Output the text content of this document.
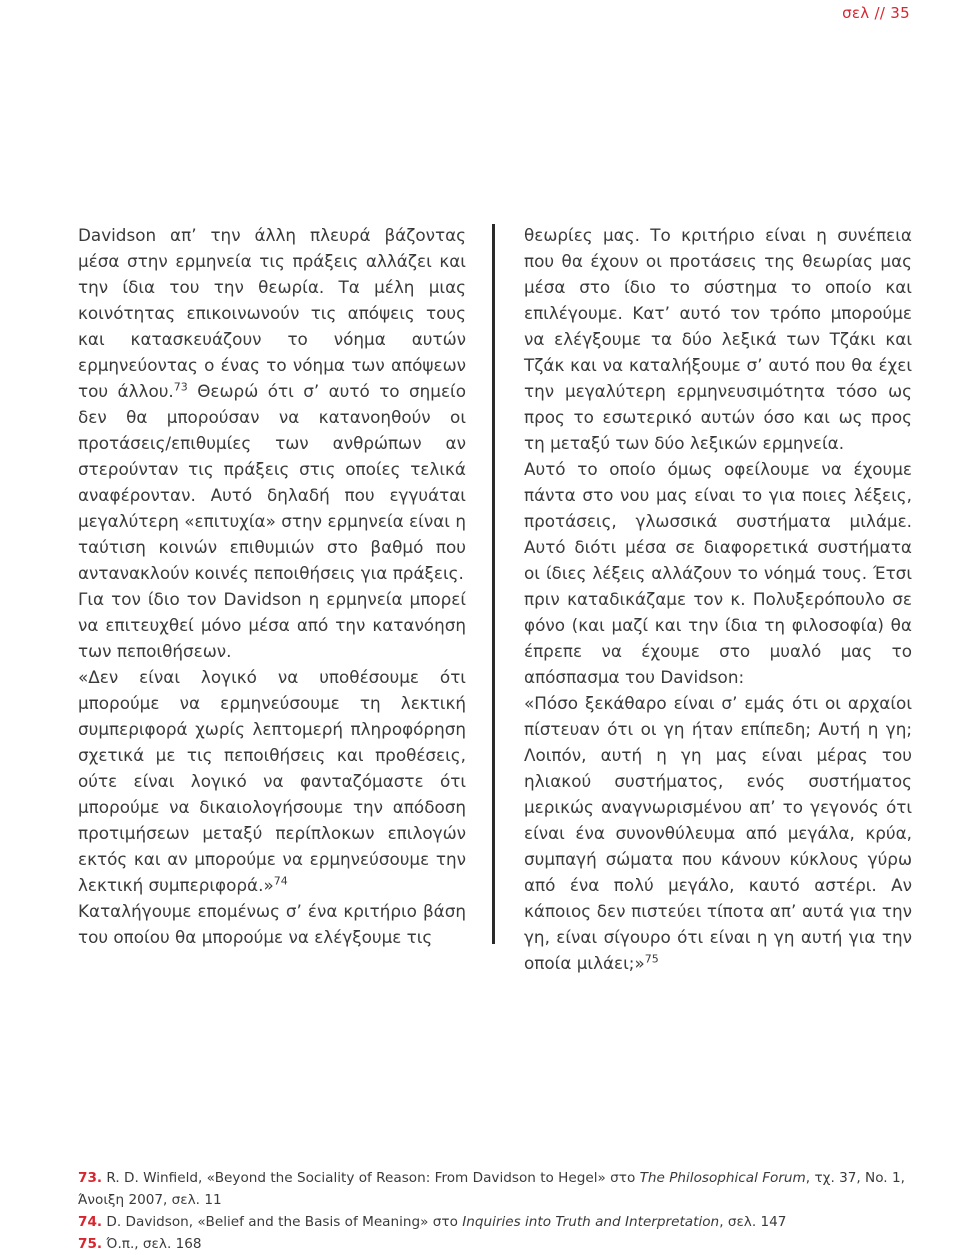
σελ // 35

Davidson απ’ την άλλη πλευρά βάζοντας μέσα στην ερμηνεία τις πράξεις αλλάζει και την ίδια του την θεωρία. Τα μέλη μιας κοινότητας επικοινωνούν τις απόψεις τους και κατασκευάζουν το νόημα αυτών ερμηνεύοντας ο ένας το νόημα των απόψεων του άλλου.$^{73}$ Θεωρώ ότι σ’ αυτό το σημείο δεν θα μπορούσαν να κατανοηθούν οι προτάσεις/επιθυμίες των ανθρώπων αν στερούνταν τις πράξεις στις οποίες τελικά αναφέρονταν. Αυτό δηλαδή που εγγυάται μεγαλύτερη «επιτυχία» στην ερμηνεία είναι η ταύτιση κοινών επιθυμιών στο βαθμό που αντανακλούν κοινές πεποιθήσεις για πράξεις.

Για τον ίδιο τον Davidson η ερμηνεία μπορεί να επιτευχθεί μόνο μέσα από την κατανόηση των πεποιθήσεων.

«Δεν είναι λογικό να υποθέσουμε ότι μπορούμε να ερμηνεύσουμε τη λεκτική συμπεριφορά χωρίς λεπτομερή πληροφόρηση σχετικά με τις πεποιθήσεις και προθέσεις, ούτε είναι λογικό να φανταζόμαστε ότι μπορούμε να δικαιολογήσουμε την απόδοση προτιμήσεων μεταξύ περίπλοκων επιλογών εκτός και αν μπορούμε να ερμηνεύσουμε την λεκτική συμπεριφορά.»$^{74}$

Καταλήγουμε επομένως σ’ ένα κριτήριο βάση του οποίου θα μπορούμε να ελέγξουμε τις

θεωρίες μας. Το κριτήριο είναι η συνέπεια που θα έχουν οι προτάσεις της θεωρίας μας μέσα στο ίδιο το σύστημα το οποίο και επιλέγουμε. Κατ’ αυτό τον τρόπο μπορούμε να ελέγξουμε τα δύο λεξικά των Τζάκι και Τζάκ και να καταλήξουμε σ’ αυτό που θα έχει την μεγαλύτερη ερμηνευσιμότητα τόσο ως προς το εσωτερικό αυτών όσο και ως προς τη μεταξύ των δύο λεξικών ερμηνεία.

Αυτό το οποίο όμως οφείλουμε να έχουμε πάντα στο νου μας είναι το για ποιες λέξεις, προτάσεις, γλωσσικά συστήματα μιλάμε. Αυτό διότι μέσα σε διαφορετικά συστήματα οι ίδιες λέξεις αλλάζουν το νόημά τους. Έτσι πριν καταδικάζαμε τον κ. Πολυξερόπουλο σε φόνο (και μαζί και την ίδια τη φιλοσοφία) θα έπρεπε να έχουμε στο μυαλό μας το απόσπασμα του Davidson:

«Πόσο ξεκάθαρο είναι σ’ εμάς ότι οι αρχαίοι πίστευαν ότι οι γη ήταν επίπεδη; Αυτή η γη; Λοιπόν, αυτή η γη μας είναι μέρας του ηλιακού συστήματος, ενός συστήματος μερικώς αναγνωρισμένου απ’ το γεγονός ότι είναι ένα συνονθύλευμα από μεγάλα, κρύα, συμπαγή σώματα που κάνουν κύκλους γύρω από ένα πολύ μεγάλο, καυτό αστέρι. Αν κάποιος δεν πιστεύει τίποτα απ’ αυτά για την γη, είναι σίγουρο ότι είναι η γη αυτή για την οποία μιλάει;»$^{75}$

73. R. D. Winfield, «Beyond the Sociality of Reason: From Davidson to Hegel» στο The Philosophical Forum, τχ. 37, No. 1, Άνοιξη 2007, σελ. 11

74. D. Davidson, «Belief and the Basis of Meaning» στο Inquiries into Truth and Interpretation, σελ. 147

75. Ό.π., σελ. 168
